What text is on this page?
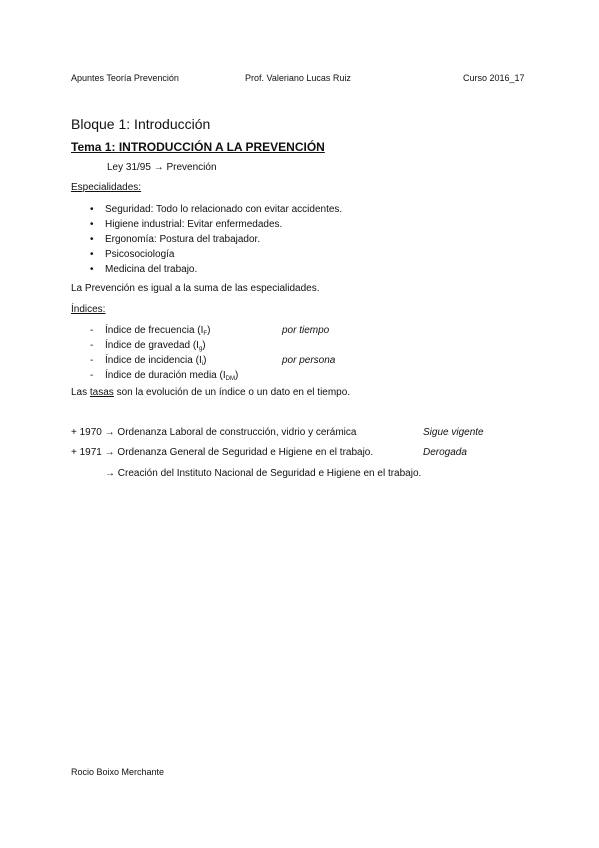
Apuntes Teoría Prevención	Prof. Valeriano Lucas Ruiz	Curso 2016_17
Bloque 1: Introducción
Tema 1: INTRODUCCIÓN A LA PREVENCIÓN
Ley 31/95 → Prevención
Especialidades:
• Seguridad: Todo lo relacionado con evitar accidentes.
• Higiene industrial: Evitar enfermedades.
• Ergonomía: Postura del trabajador.
• Psicosociología
• Medicina del trabajo.
La Prevención es igual a la suma de las especialidades.
Índices:
- Índice de frecuencia $(I_F)$	por tiempo
- Índice de gravedad $(I_g)$
- Índice de incidencia $(I_i)$	por persona
- Índice de duración media $(I_{DM})$
Las tasas son la evolución de un índice o un dato en el tiempo.
+ 1970 → Ordenanza Laboral de construcción, vidrio y cerámica	Sigue vigente
+ 1971 → Ordenanza General de Seguridad e Higiene en el trabajo.	Derogada
→ Creación del Instituto Nacional de Seguridad e Higiene en el trabajo.
Rocio Boixo Merchante
